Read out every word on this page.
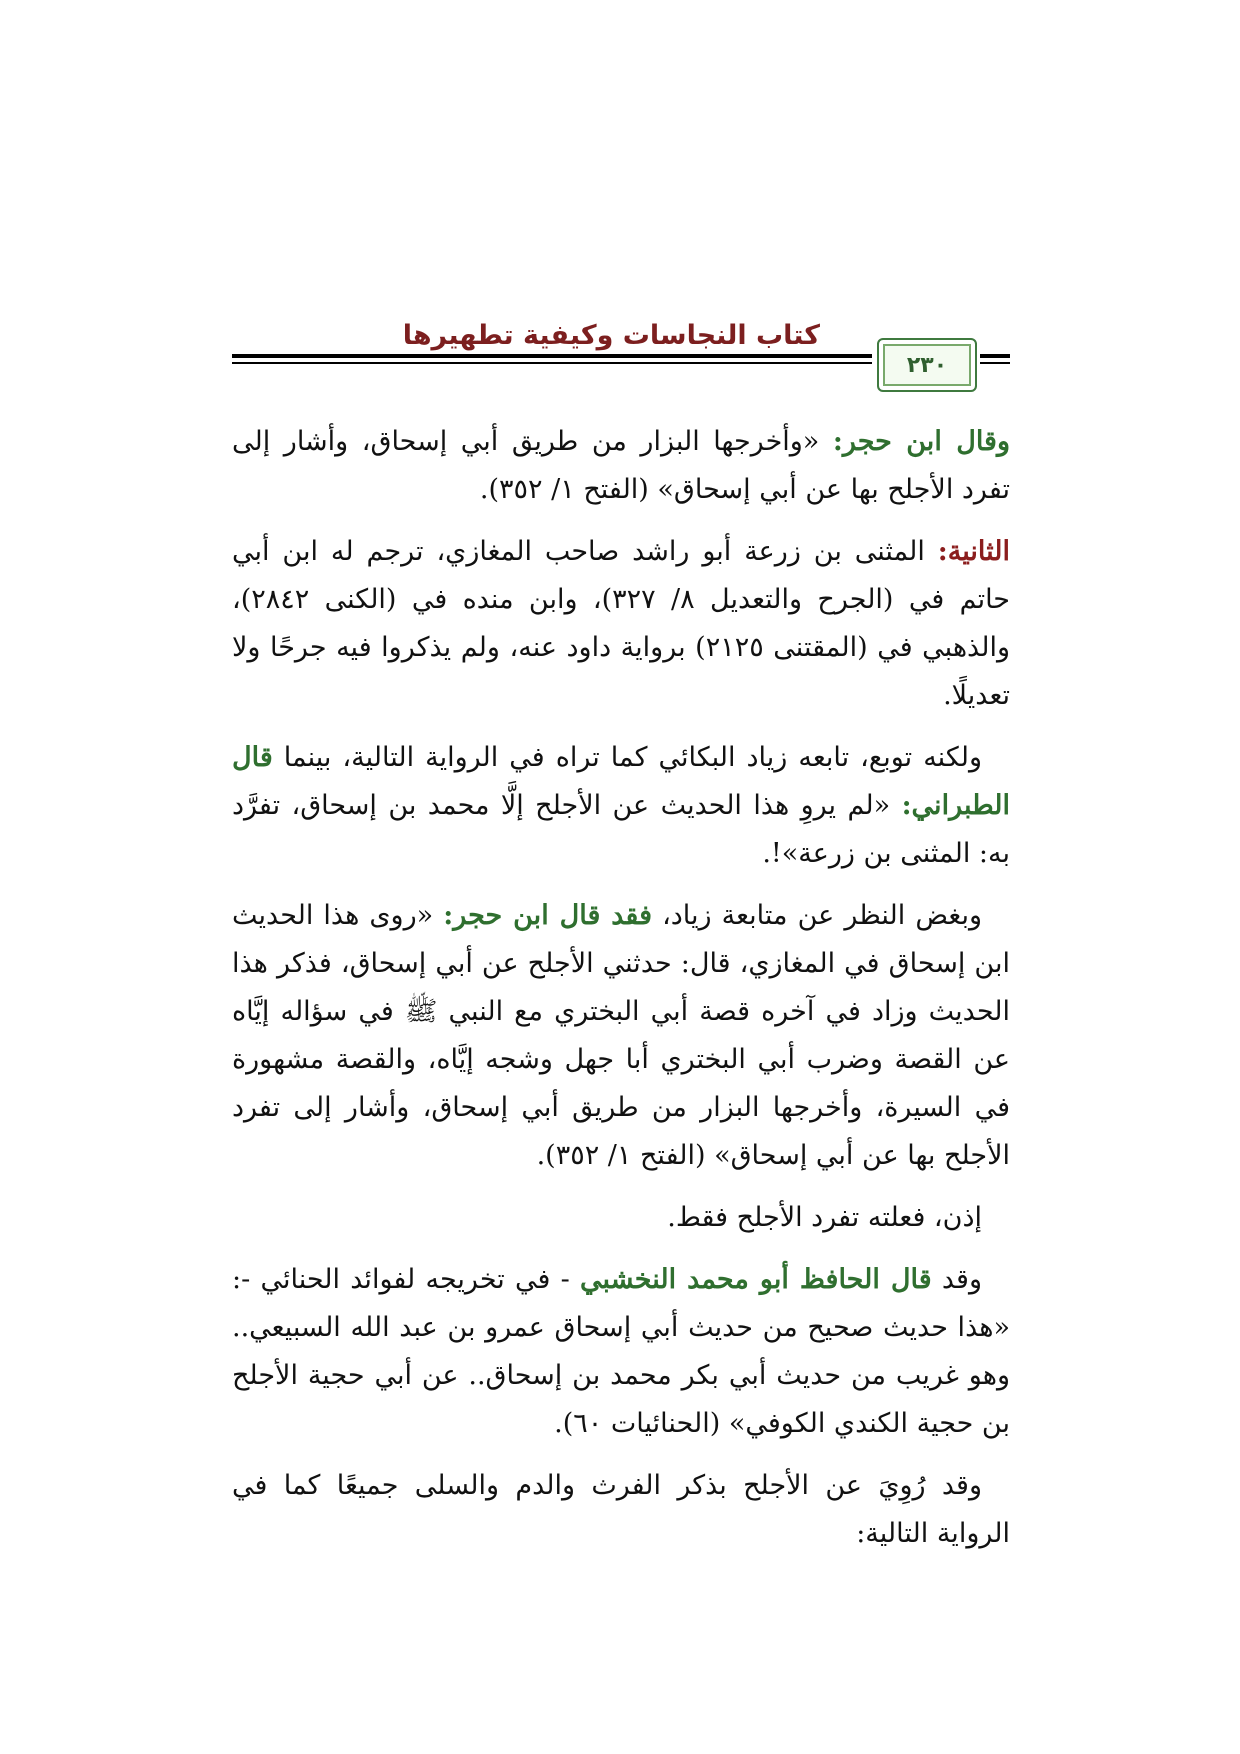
كتاب النجاسات وكيفية تطهيرها
٢٣٠

وقال ابن حجر: «وأخرجها البزار من طريق أبي إسحاق، وأشار إلى تفرد الأجلح بها عن أبي إسحاق» (الفتح ١/ ٣٥٢).

الثانية: المثنى بن زرعة أبو راشد صاحب المغازي، ترجم له ابن أبي حاتم في (الجرح والتعديل ٨/ ٣٢٧)، وابن منده في (الكنى ٢٨٤٢)، والذهبي في (المقتنى ٢١٢٥) برواية داود عنه، ولم يذكروا فيه جرحًا ولا تعديلًا.

ولكنه توبع، تابعه زياد البكائي كما تراه في الرواية التالية، بينما قال الطبراني: «لم يروِ هذا الحديث عن الأجلح إلَّا محمد بن إسحاق، تفرَّد به: المثنى بن زرعة»!.

وبغض النظر عن متابعة زياد، فقد قال ابن حجر: «روى هذا الحديث ابن إسحاق في المغازي، قال: حدثني الأجلح عن أبي إسحاق، فذكر هذا الحديث وزاد في آخره قصة أبي البختري مع النبي ﷺ في سؤاله إيَّاه عن القصة وضرب أبي البختري أبا جهل وشجه إيَّاه، والقصة مشهورة في السيرة، وأخرجها البزار من طريق أبي إسحاق، وأشار إلى تفرد الأجلح بها عن أبي إسحاق» (الفتح ١/ ٣٥٢).

إذن، فعلته تفرد الأجلح فقط.

وقد قال الحافظ أبو محمد النخشبي - في تخريجه لفوائد الحنائي -: «هذا حديث صحيح من حديث أبي إسحاق عمرو بن عبد الله السبيعي.. وهو غريب من حديث أبي بكر محمد بن إسحاق.. عن أبي حجية الأجلح بن حجية الكندي الكوفي» (الحنائيات ٦٠).

وقد رُوِيَ عن الأجلح بذكر الفرث والدم والسلى جميعًا كما في الرواية التالية:
